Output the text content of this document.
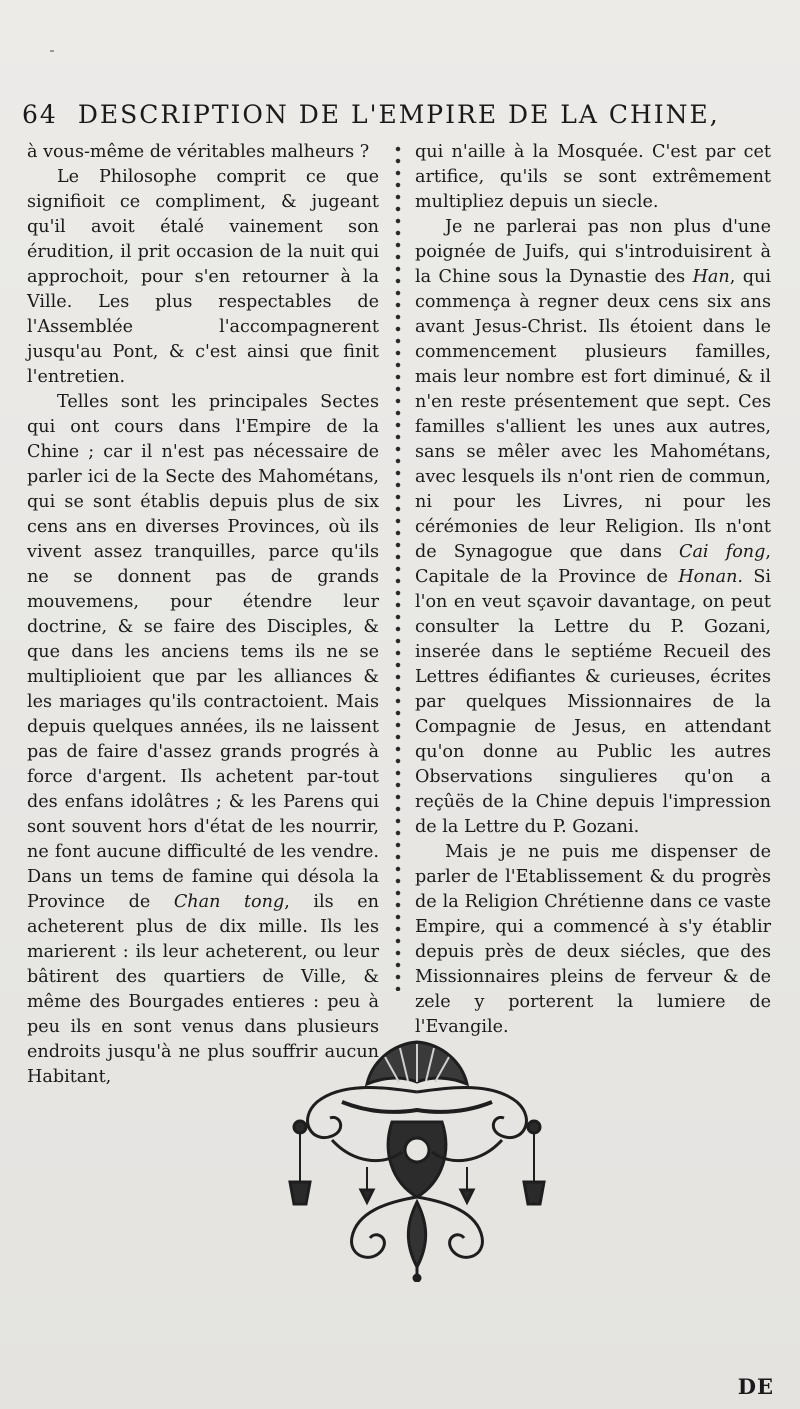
64 DESCRIPTION DE L'EMPIRE DE LA CHINE,

à vous-même de véritables malheurs ?

Le Philosophe comprit ce que signifioit ce compliment, & jugeant qu'il avoit étalé vainement son érudition, il prit occasion de la nuit qui approchoit, pour s'en retourner à la Ville. Les plus respectables de l'Assemblée l'accompagnerent jusqu'au Pont, & c'est ainsi que finit l'entretien.

Telles sont les principales Sectes qui ont cours dans l'Empire de la Chine ; car il n'est pas nécessaire de parler ici de la Secte des Mahométans, qui se sont établis depuis plus de six cens ans en diverses Provinces, où ils vivent assez tranquilles, parce qu'ils ne se donnent pas de grands mouvemens, pour étendre leur doctrine, & se faire des Disciples, & que dans les anciens tems ils ne se multiplioient que par les alliances & les mariages qu'ils contractoient. Mais depuis quelques années, ils ne laissent pas de faire d'assez grands progrés à force d'argent. Ils achetent par-tout des enfans idolâtres ; & les Parens qui sont souvent hors d'état de les nourrir, ne font aucune difficulté de les vendre. Dans un tems de famine qui désola la Province de Chan tong, ils en acheterent plus de dix mille. Ils les marierent : ils leur acheterent, ou leur bâtirent des quartiers de Ville, & même des Bourgades entieres : peu à peu ils en sont venus dans plusieurs endroits jusqu'à ne plus souffrir aucun Habitant,

qui n'aille à la Mosquée. C'est par cet artifice, qu'ils se sont extrêmement multipliez depuis un siecle.

Je ne parlerai pas non plus d'une poignée de Juifs, qui s'introduisirent à la Chine sous la Dynastie des Han, qui commença à regner deux cens six ans avant Jesus-Christ. Ils étoient dans le commencement plusieurs familles, mais leur nombre est fort diminué, & il n'en reste présentement que sept. Ces familles s'allient les unes aux autres, sans se mêler avec les Mahométans, avec lesquels ils n'ont rien de commun, ni pour les Livres, ni pour les cérémonies de leur Religion. Ils n'ont de Synagogue que dans Cai fong, Capitale de la Province de Honan. Si l'on en veut sçavoir davantage, on peut consulter la Lettre du P. Gozani, inserée dans le septiéme Recueil des Lettres édifiantes & curieuses, écrites par quelques Missionnaires de la Compagnie de Jesus, en attendant qu'on donne au Public les autres Observations singulieres qu'on a reçûës de la Chine depuis l'impression de la Lettre du P. Gozani.

Mais je ne puis me dispenser de parler de l'Etablissement & du progrès de la Religion Chrétienne dans ce vaste Empire, qui a commencé à s'y établir depuis près de deux siécles, que des Missionnaires pleins de ferveur & de zele y porterent la lumiere de l'Evangile.

DE
